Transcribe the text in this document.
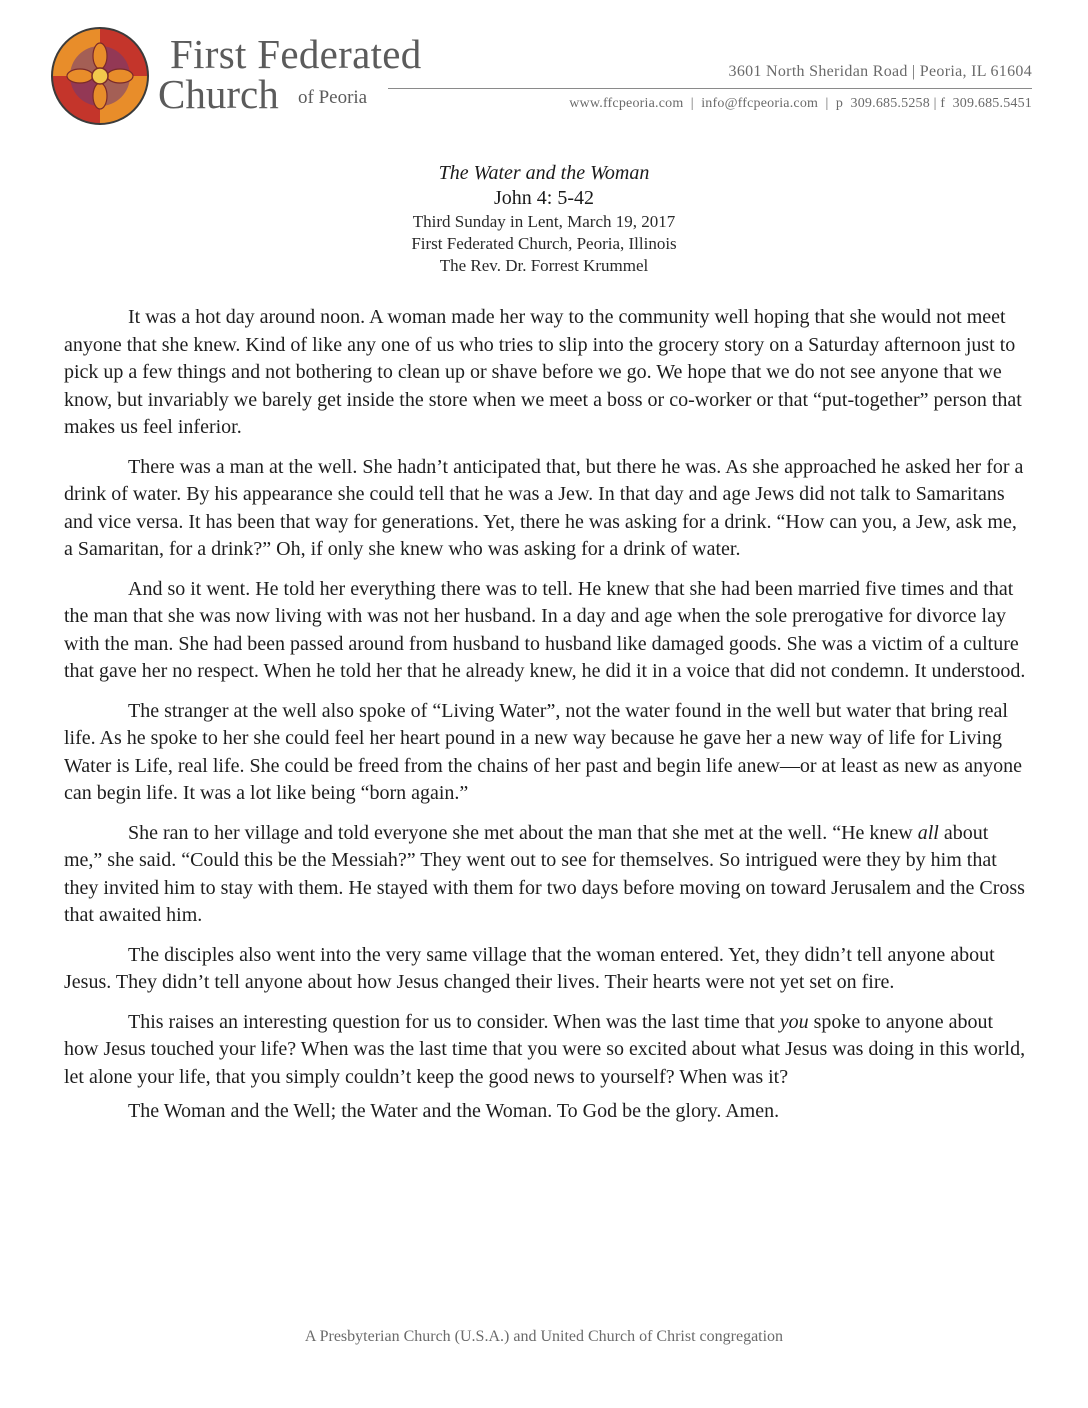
First Federated
Church of Peoria
3601 North Sheridan Road | Peoria, IL 61604
www.ffcpeoria.com  |  info@ffcpeoria.com  |  p  309.685.5258 | f  309.685.5451
The Water and the Woman
John 4: 5-42
Third Sunday in Lent, March 19, 2017
First Federated Church, Peoria, Illinois
The Rev. Dr. Forrest Krummel

It was a hot day around noon. A woman made her way to the community well hoping that she would not meet anyone that she knew. Kind of like any one of us who tries to slip into the grocery story on a Saturday afternoon just to pick up a few things and not bothering to clean up or shave before we go. We hope that we do not see anyone that we know, but invariably we barely get inside the store when we meet a boss or co-worker or that “put-together” person that makes us feel inferior.

There was a man at the well. She hadn’t anticipated that, but there he was. As she approached he asked her for a drink of water. By his appearance she could tell that he was a Jew. In that day and age Jews did not talk to Samaritans and vice versa. It has been that way for generations. Yet, there he was asking for a drink. “How can you, a Jew, ask me, a Samaritan, for a drink?” Oh, if only she knew who was asking for a drink of water.

And so it went. He told her everything there was to tell. He knew that she had been married five times and that the man that she was now living with was not her husband. In a day and age when the sole prerogative for divorce lay with the man. She had been passed around from husband to husband like damaged goods. She was a victim of a culture that gave her no respect. When he told her that he already knew, he did it in a voice that did not condemn. It understood.

The stranger at the well also spoke of “Living Water”, not the water found in the well but water that bring real life. As he spoke to her she could feel her heart pound in a new way because he gave her a new way of life for Living Water is Life, real life. She could be freed from the chains of her past and begin life anew—or at least as new as anyone can begin life. It was a lot like being “born again.”

She ran to her village and told everyone she met about the man that she met at the well. “He knew all about me,” she said. “Could this be the Messiah?” They went out to see for themselves. So intrigued were they by him that they invited him to stay with them. He stayed with them for two days before moving on toward Jerusalem and the Cross that awaited him.

The disciples also went into the very same village that the woman entered. Yet, they didn’t tell anyone about Jesus. They didn’t tell anyone about how Jesus changed their lives. Their hearts were not yet set on fire.

This raises an interesting question for us to consider. When was the last time that you spoke to anyone about how Jesus touched your life? When was the last time that you were so excited about what Jesus was doing in this world, let alone your life, that you simply couldn’t keep the good news to yourself? When was it?

The Woman and the Well; the Water and the Woman. To God be the glory. Amen.

A Presbyterian Church (U.S.A.) and United Church of Christ congregation
